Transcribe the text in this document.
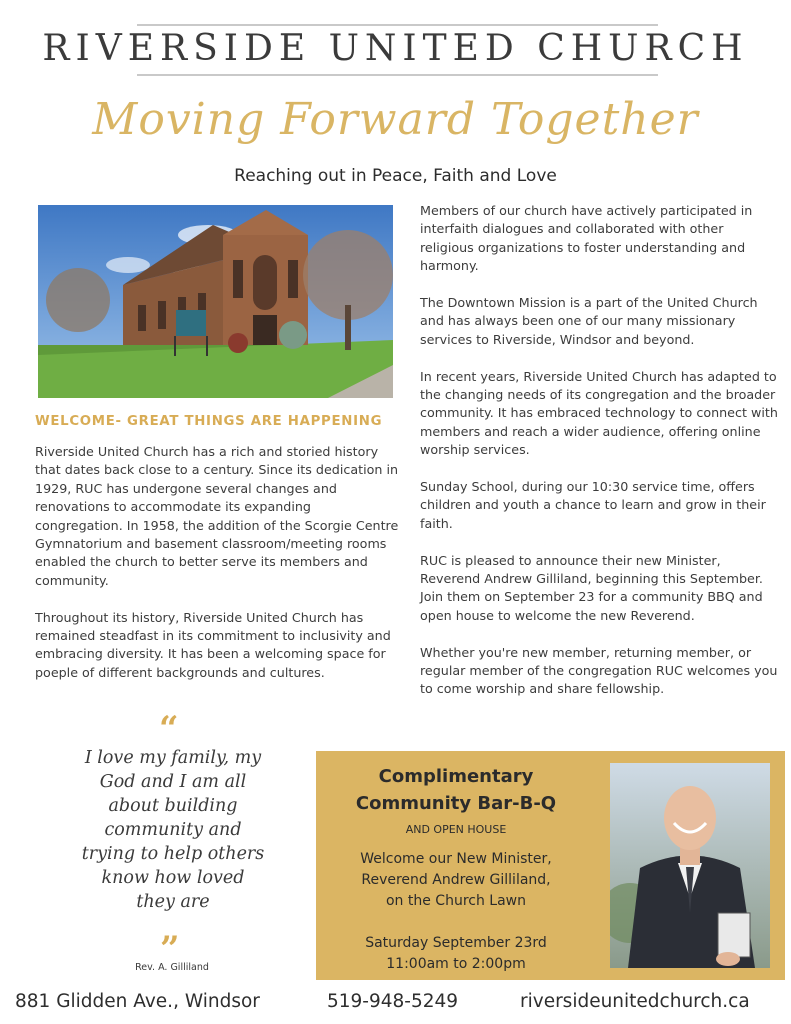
RIVERSIDE UNITED CHURCH
Moving Forward Together
Reaching out in Peace, Faith and Love
WELCOME- GREAT THINGS ARE HAPPENING

Riverside United Church has a rich and storied history that dates back close to a century. Since its dedication in 1929, RUC has undergone several changes and renovations to accommodate its expanding congregation. In 1958, the addition of the Scorgie Centre Gymnatorium and basement classroom/meeting rooms enabled the church to better serve its members and community.

Throughout its history, Riverside United Church has remained steadfast in its commitment to inclusivity and embracing diversity. It has been a welcoming space for poeple of different backgrounds and cultures.

Members of our church have actively participated in interfaith dialogues and collaborated with other religious organizations to foster understanding and harmony.

The Downtown Mission is a part of the United Church and has always been one of our many missionary services to Riverside, Windsor and beyond.

In recent years, Riverside United Church has adapted to the changing needs of its congregation and the broader community. It has embraced technology to connect with members and reach a wider audience, offering online worship services.

Sunday School, during our 10:30 service time, offers children and youth a chance to learn and grow in their faith.

RUC is pleased to announce their new Minister, Reverend Andrew Gilliland, beginning this September. Join them on September 23 for a community BBQ and open house to welcome the new Reverend.

Whether you're new member, returning member, or regular member of the congregation RUC welcomes you to come worship and share fellowship.

“
I love my family, my God and I am all about building community and trying to help others know how loved they are
”
Rev. A. Gilliland
Complimentary
Community Bar-B-Q
AND OPEN HOUSE
Welcome our New Minister,
Reverend Andrew Gilliland,
on the Church Lawn
Saturday September 23rd
11:00am to 2:00pm
881 Glidden Ave., Windsor	519-948-5249	riversideunitedchurch.ca
